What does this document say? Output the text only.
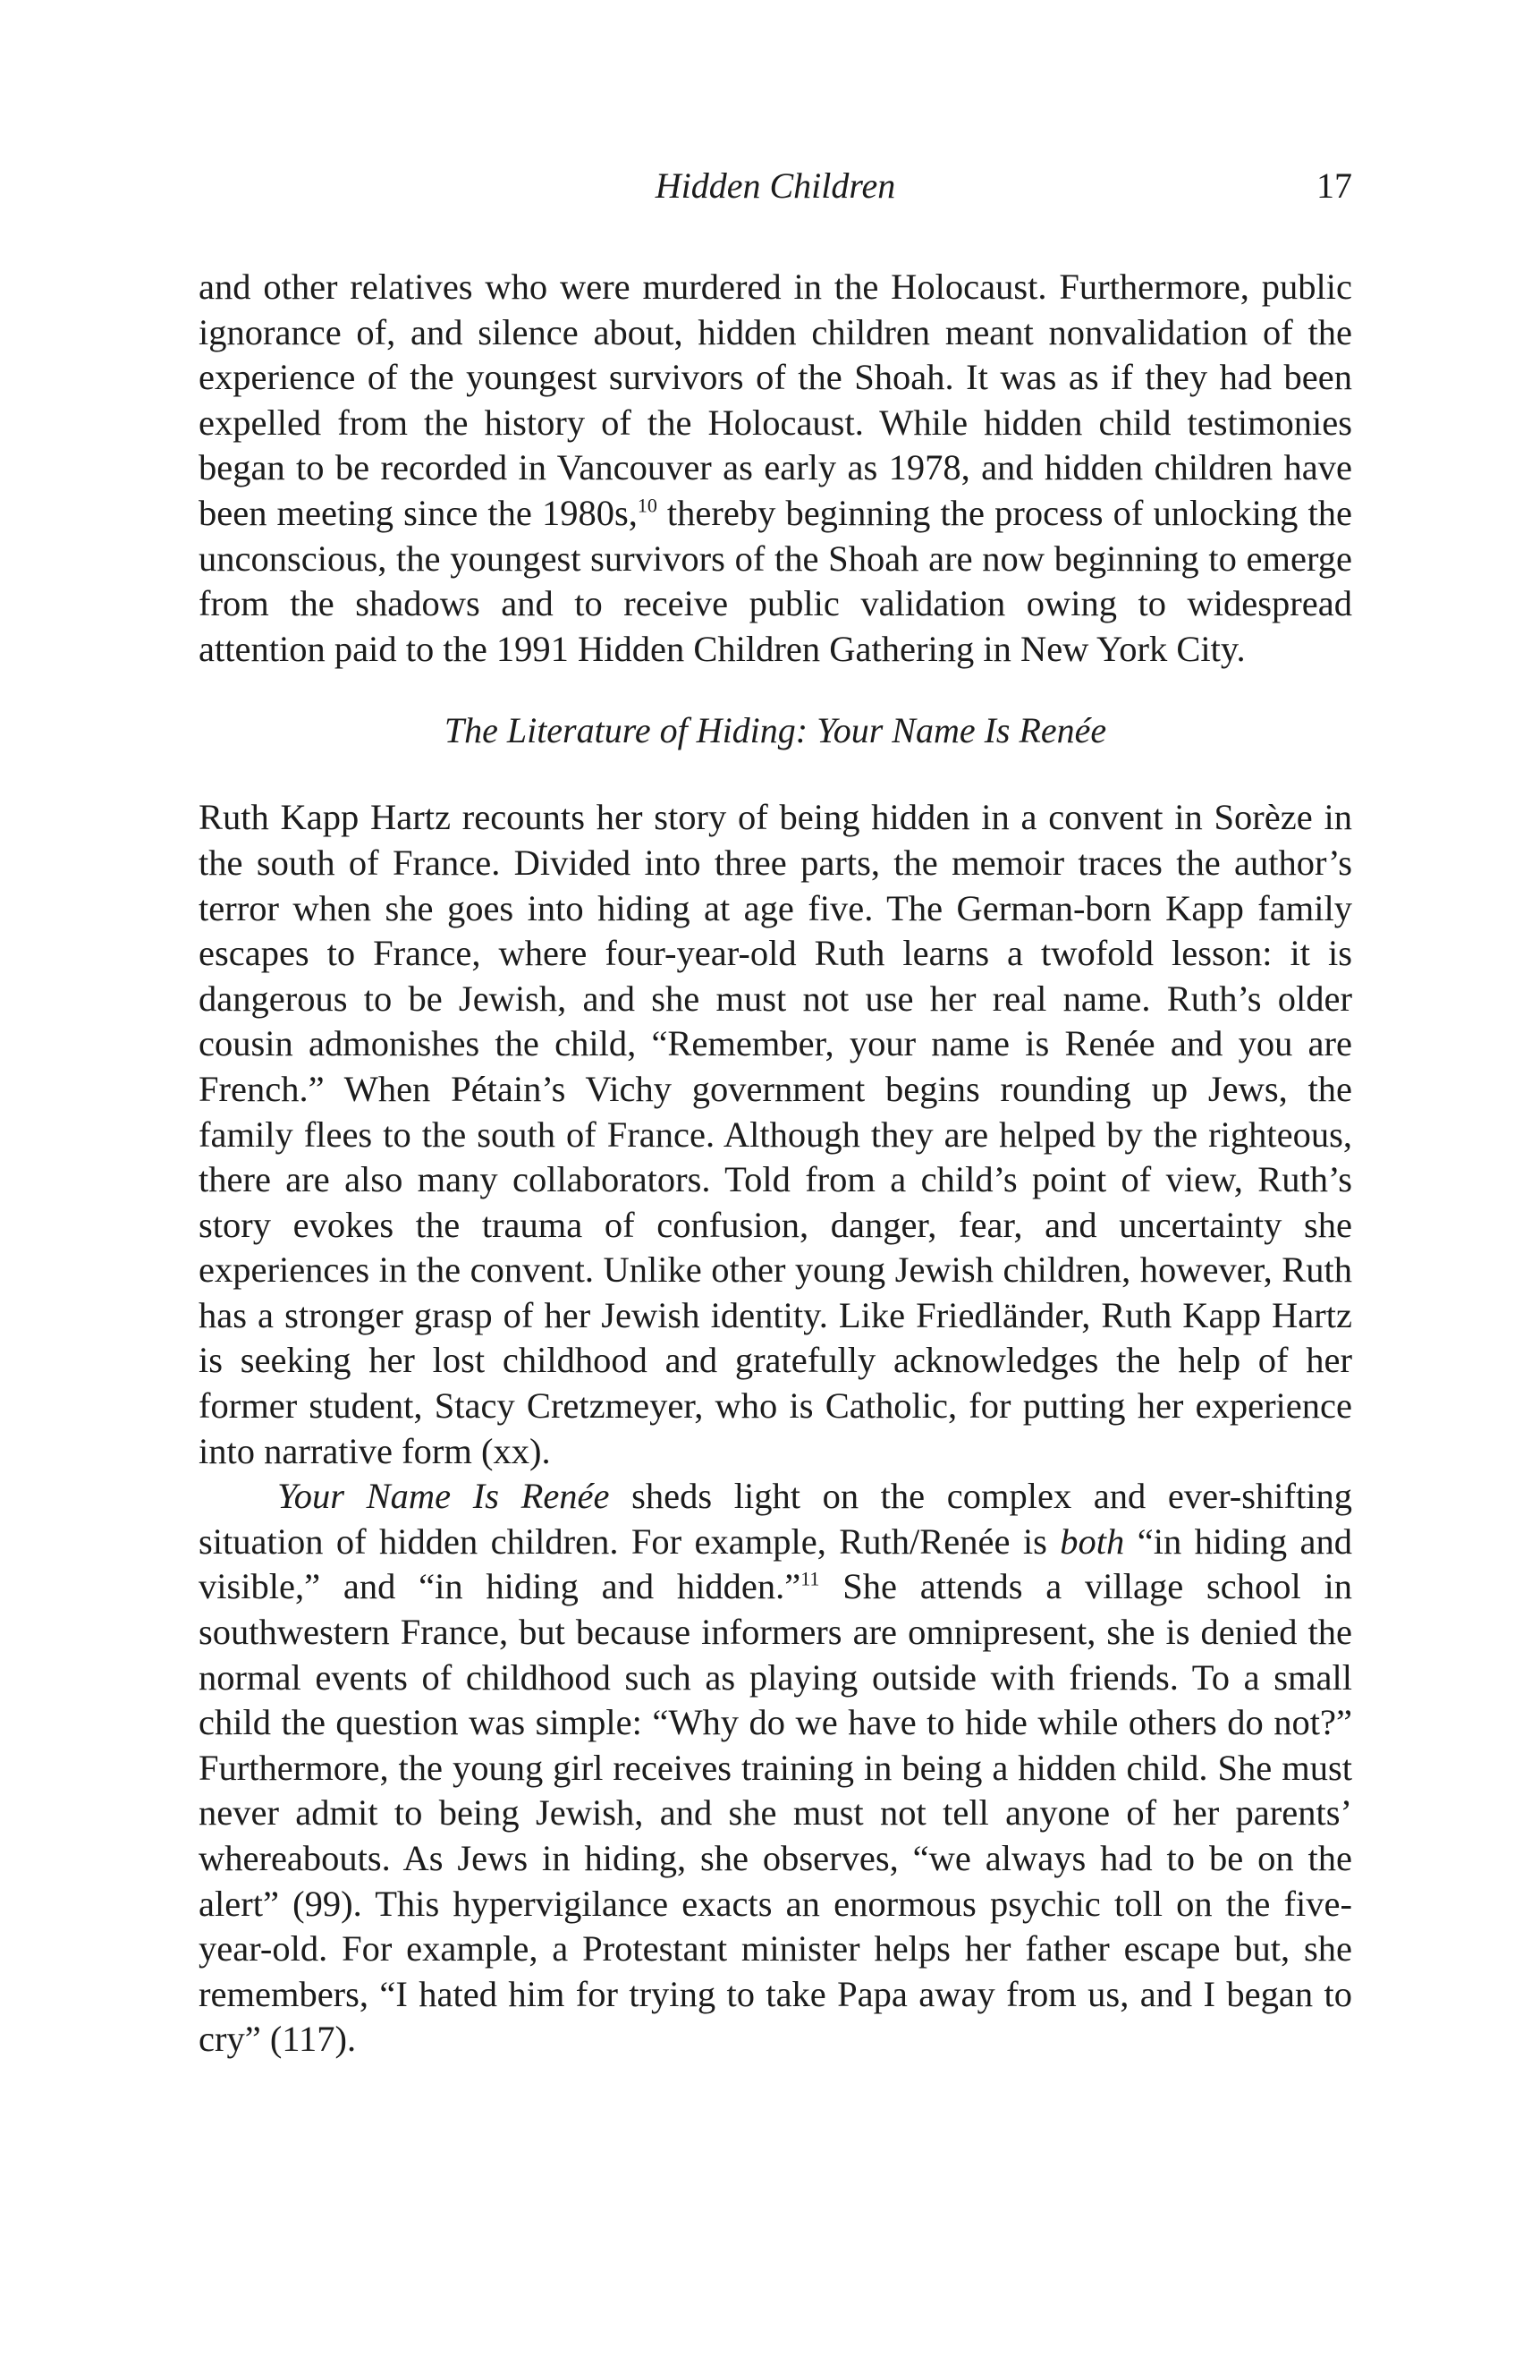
Hidden Children	17

and other relatives who were murdered in the Holocaust. Furthermore, public ignorance of, and silence about, hidden children meant nonvalidation of the experience of the youngest survivors of the Shoah. It was as if they had been expelled from the history of the Holocaust. While hidden child testimonies began to be recorded in Vancouver as early as 1978, and hidden children have been meeting since the 1980s,$^{10}$ thereby beginning the process of unlocking the unconscious, the youngest survivors of the Shoah are now beginning to emerge from the shadows and to receive public validation owing to widespread attention paid to the 1991 Hidden Children Gathering in New York City.

The Literature of Hiding: Your Name Is Renée

Ruth Kapp Hartz recounts her story of being hidden in a convent in Sorèze in the south of France. Divided into three parts, the memoir traces the author’s terror when she goes into hiding at age five. The German-born Kapp family escapes to France, where four-year-old Ruth learns a twofold lesson: it is dangerous to be Jewish, and she must not use her real name. Ruth’s older cousin admonishes the child, “Remember, your name is Renée and you are French.” When Pétain’s Vichy government begins rounding up Jews, the family flees to the south of France. Although they are helped by the righteous, there are also many collaborators. Told from a child’s point of view, Ruth’s story evokes the trauma of confusion, danger, fear, and uncertainty she experiences in the convent. Unlike other young Jewish children, however, Ruth has a stronger grasp of her Jewish identity. Like Friedländer, Ruth Kapp Hartz is seeking her lost childhood and gratefully acknowledges the help of her former student, Stacy Cretzmeyer, who is Catholic, for putting her experience into narrative form (xx).

Your Name Is Renée sheds light on the complex and ever-shifting situation of hidden children. For example, Ruth/Renée is both “in hiding and visible,” and “in hiding and hidden.”$^{11}$ She attends a village school in southwestern France, but because informers are omnipresent, she is denied the normal events of childhood such as playing outside with friends. To a small child the question was simple: “Why do we have to hide while others do not?” Furthermore, the young girl receives training in being a hidden child. She must never admit to being Jewish, and she must not tell anyone of her parents’ whereabouts. As Jews in hiding, she observes, “we always had to be on the alert” (99). This hypervigilance exacts an enormous psychic toll on the five-year-old. For example, a Protestant minister helps her father escape but, she remembers, “I hated him for trying to take Papa away from us, and I began to cry” (117).
